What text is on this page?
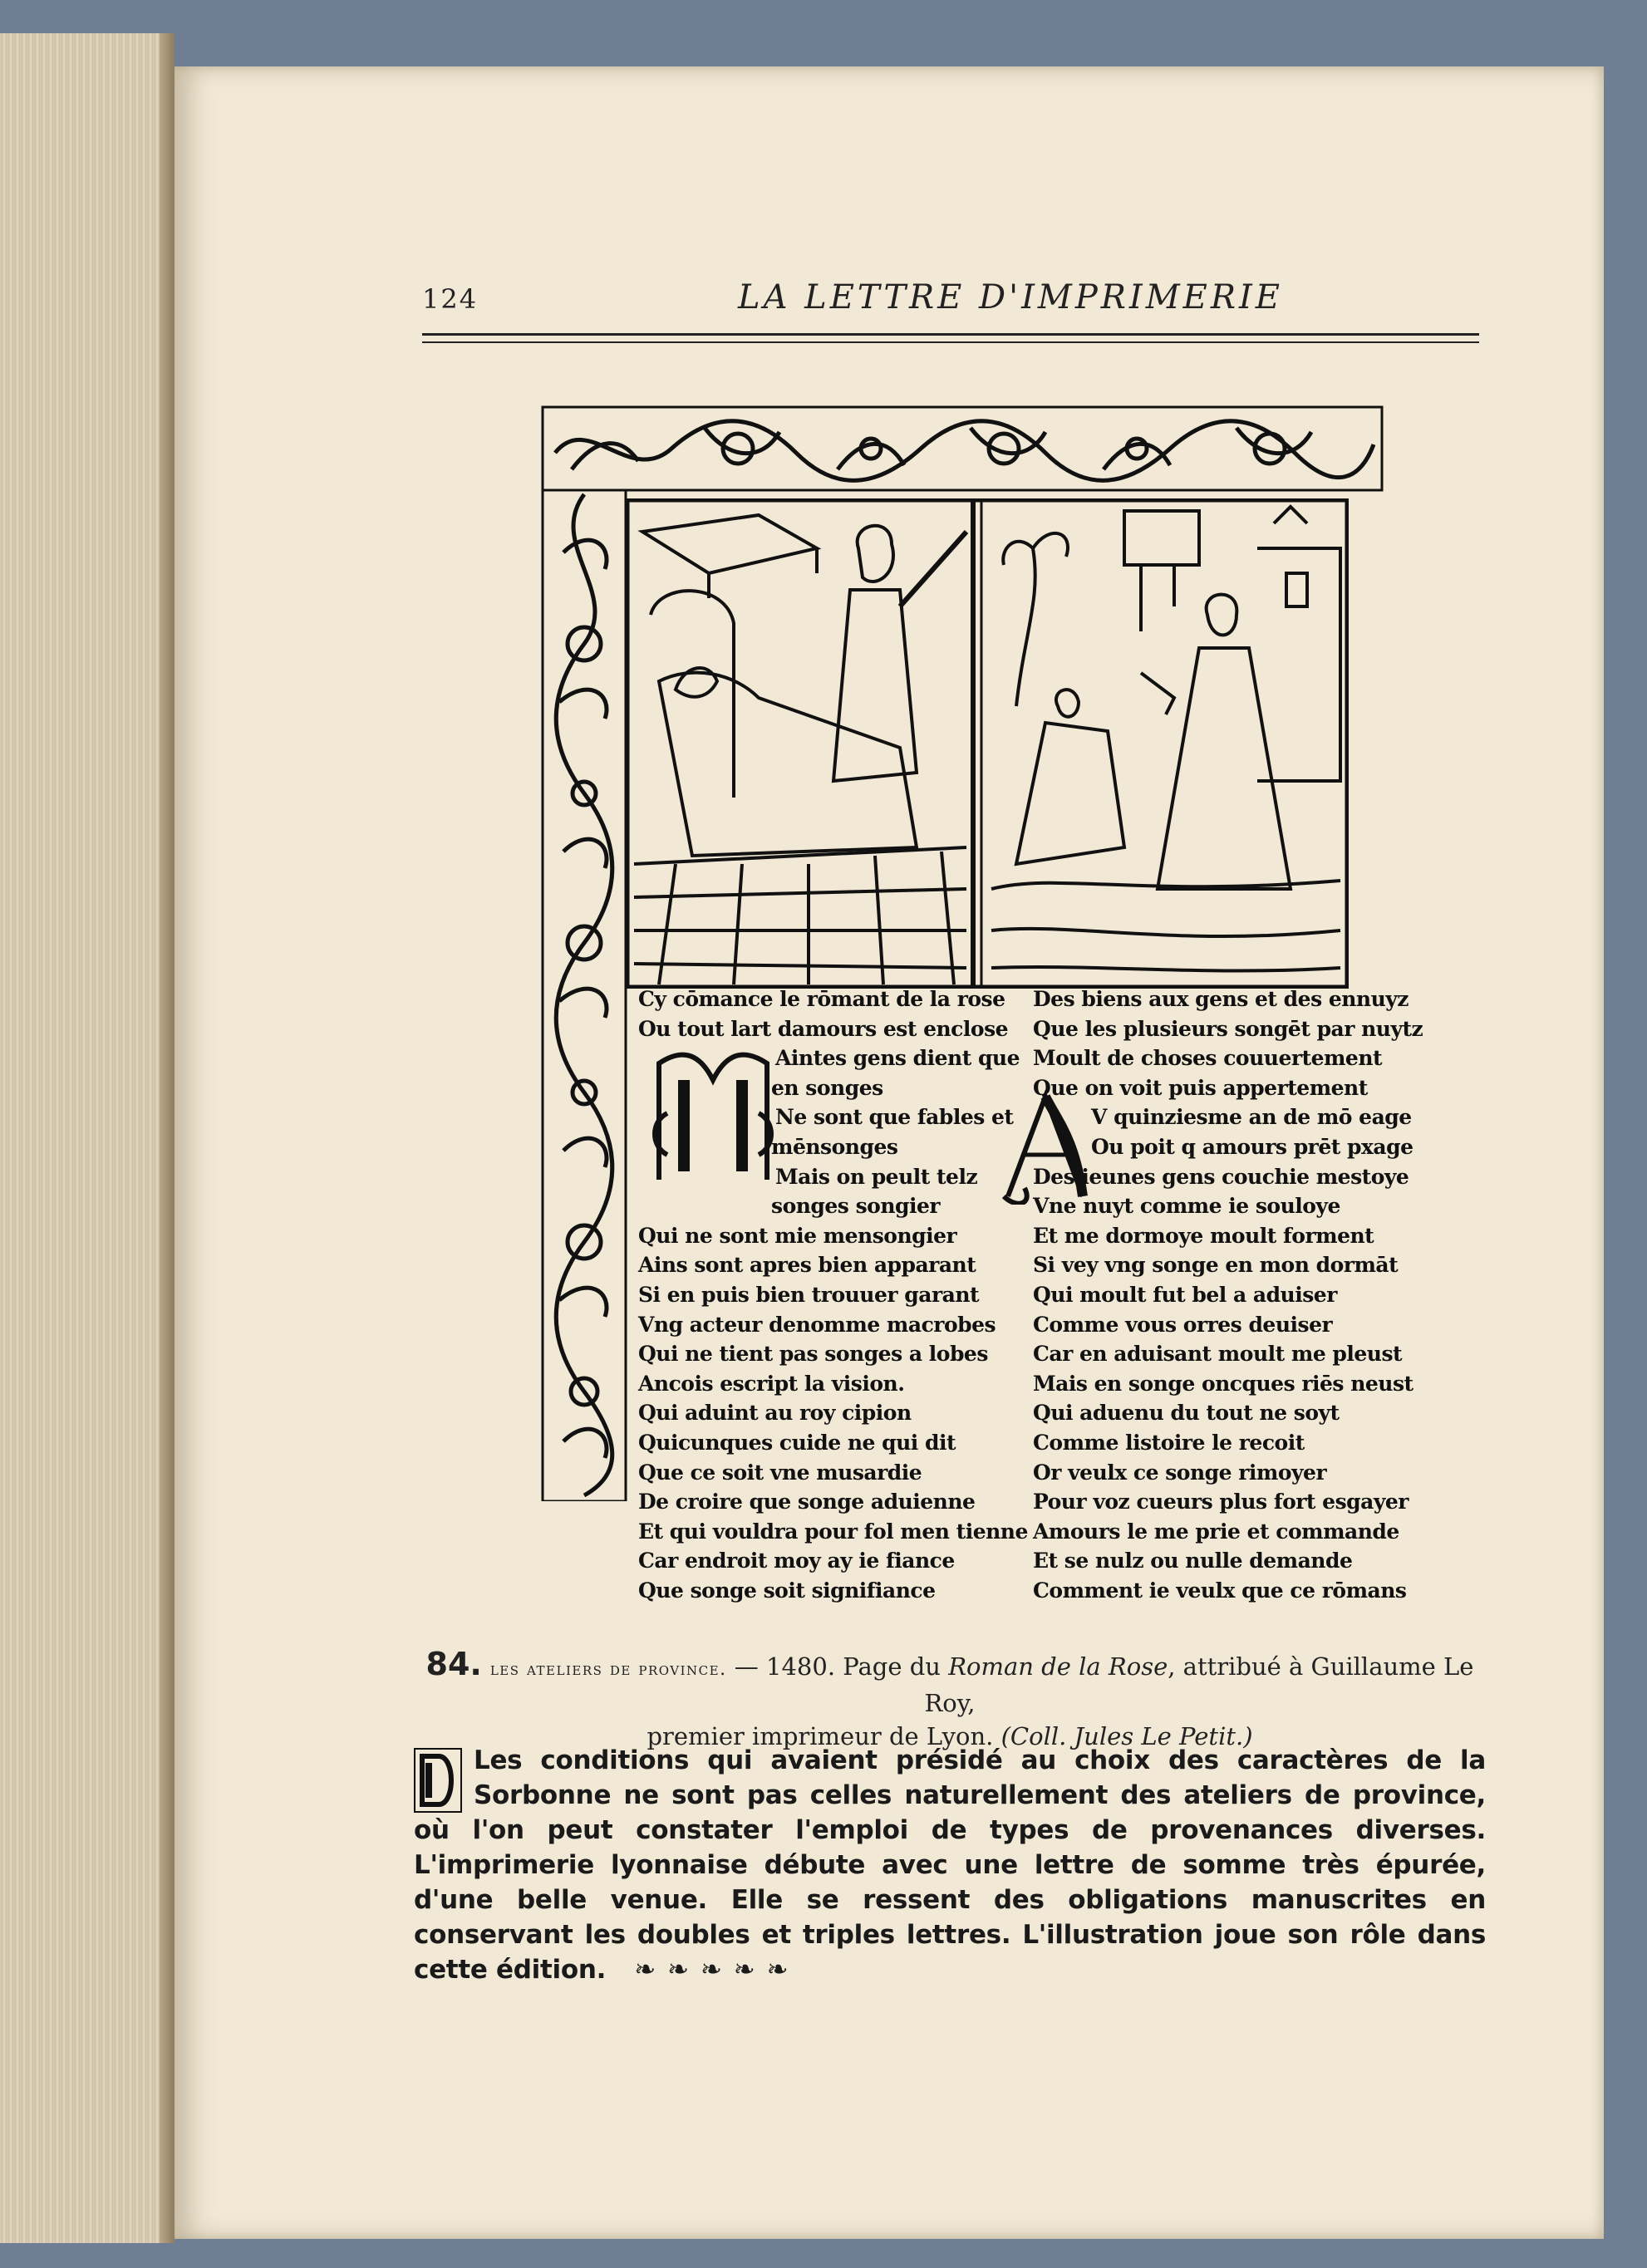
124	LA LETTRE D'IMPRIMERIE
Cy cōmance le rōmant de la rose
Ou tout lart damours est enclose
Aintes gens dient que
en songes
Ne sont que fables et
mēnsonges
Mais on peult telz
songes songier
Qui ne sont mie mensongier
Ains sont apres bien apparant
Si en puis bien trouuer garant
Vng acteur denomme macrobes
Qui ne tient pas songes a lobes
Ancois escript la vision.
Qui aduint au roy cipion
Quicunques cuide ne qui dit
Que ce soit vne musardie
De croire que songe aduienne
Et qui vouldra pour fol men tienne
Car endroit moy ay ie fiance
Que songe soit signifiance
Des biens aux gens et des ennuyz
Que les plusieurs songēt par nuytz
Moult de choses couuertement
Que on voit puis appertement
V quinziesme an de mō eage
Ou poit q amours prēt pxage
Des ieunes gens couchie mestoye
Vne nuyt comme ie souloye
Et me dormoye moult forment
Si vey vng songe en mon dormāt
Qui moult fut bel a aduiser
Comme vous orres deuiser
Car en aduisant moult me pleust
Mais en songe oncques riēs neust
Qui aduenu du tout ne soyt
Comme listoire le recoit
Or veulx ce songe rimoyer
Pour voz cueurs plus fort esgayer
Amours le me prie et commande
Et se nulz ou nulle demande
Comment ie veulx que ce rōmans
84. les ateliers de province. — 1480. Page du Roman de la Rose, attribué à Guillaume Le Roy,
premier imprimeur de Lyon. (Coll. Jules Le Petit.)
Les conditions qui avaient présidé au choix des caractères de la Sorbonne ne sont pas celles naturellement des ateliers de province, où l'on peut constater l'emploi de types de provenances diverses. L'imprimerie lyonnaise débute avec une lettre de somme très épurée, d'une belle venue. Elle se ressent des obligations manuscrites en conservant les doubles et triples lettres. L'illustration joue son rôle dans cette édition.   ❧ ❧ ❧ ❧ ❧
